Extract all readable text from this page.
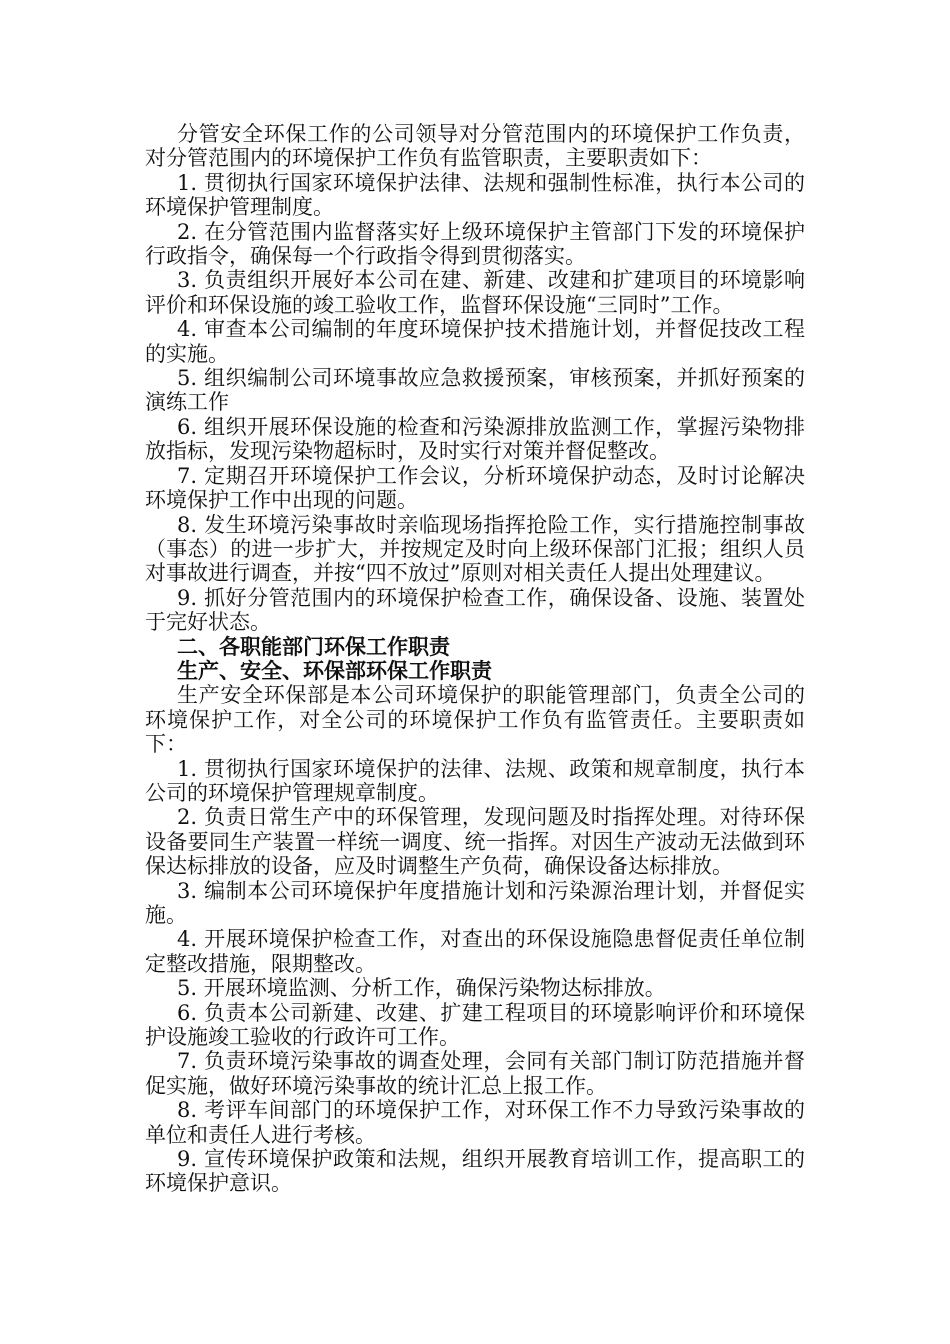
分管安全环保工作的公司领导对分管范围内的环境保护工作负责，对分管范围内的环境保护工作负有监管职责，主要职责如下：

1. 贯彻执行国家环境保护法律、法规和强制性标准，执行本公司的环境保护管理制度。

2. 在分管范围内监督落实好上级环境保护主管部门下发的环境保护行政指令，确保每一个行政指令得到贯彻落实。

3. 负责组织开展好本公司在建、新建、改建和扩建项目的环境影响评价和环保设施的竣工验收工作，监督环保设施“三同时”工作。

4. 审查本公司编制的年度环境保护技术措施计划，并督促技改工程的实施。

5. 组织编制公司环境事故应急救援预案，审核预案，并抓好预案的演练工作

6. 组织开展环保设施的检查和污染源排放监测工作，掌握污染物排放指标，发现污染物超标时，及时实行对策并督促整改。

7. 定期召开环境保护工作会议，分析环境保护动态，及时讨论解决环境保护工作中出现的问题。

8. 发生环境污染事故时亲临现场指挥抢险工作，实行措施控制事故（事态）的进一步扩大，并按规定及时向上级环保部门汇报；组织人员对事故进行调查，并按“四不放过”原则对相关责任人提出处理建议。

9. 抓好分管范围内的环境保护检查工作，确保设备、设施、装置处于完好状态。

二、各职能部门环保工作职责

生产、安全、环保部环保工作职责

生产安全环保部是本公司环境保护的职能管理部门，负责全公司的环境保护工作，对全公司的环境保护工作负有监管责任。主要职责如下：

1. 贯彻执行国家环境保护的法律、法规、政策和规章制度，执行本公司的环境保护管理规章制度。

2. 负责日常生产中的环保管理，发现问题及时指挥处理。对待环保设备要同生产装置一样统一调度、统一指挥。对因生产波动无法做到环保达标排放的设备，应及时调整生产负荷，确保设备达标排放。

3. 编制本公司环境保护年度措施计划和污染源治理计划，并督促实施。

4. 开展环境保护检查工作，对查出的环保设施隐患督促责任单位制定整改措施，限期整改。

5. 开展环境监测、分析工作，确保污染物达标排放。

6. 负责本公司新建、改建、扩建工程项目的环境影响评价和环境保护设施竣工验收的行政许可工作。

7. 负责环境污染事故的调查处理，会同有关部门制订防范措施并督促实施，做好环境污染事故的统计汇总上报工作。

8. 考评车间部门的环境保护工作，对环保工作不力导致污染事故的单位和责任人进行考核。

9. 宣传环境保护政策和法规，组织开展教育培训工作，提高职工的环境保护意识。
